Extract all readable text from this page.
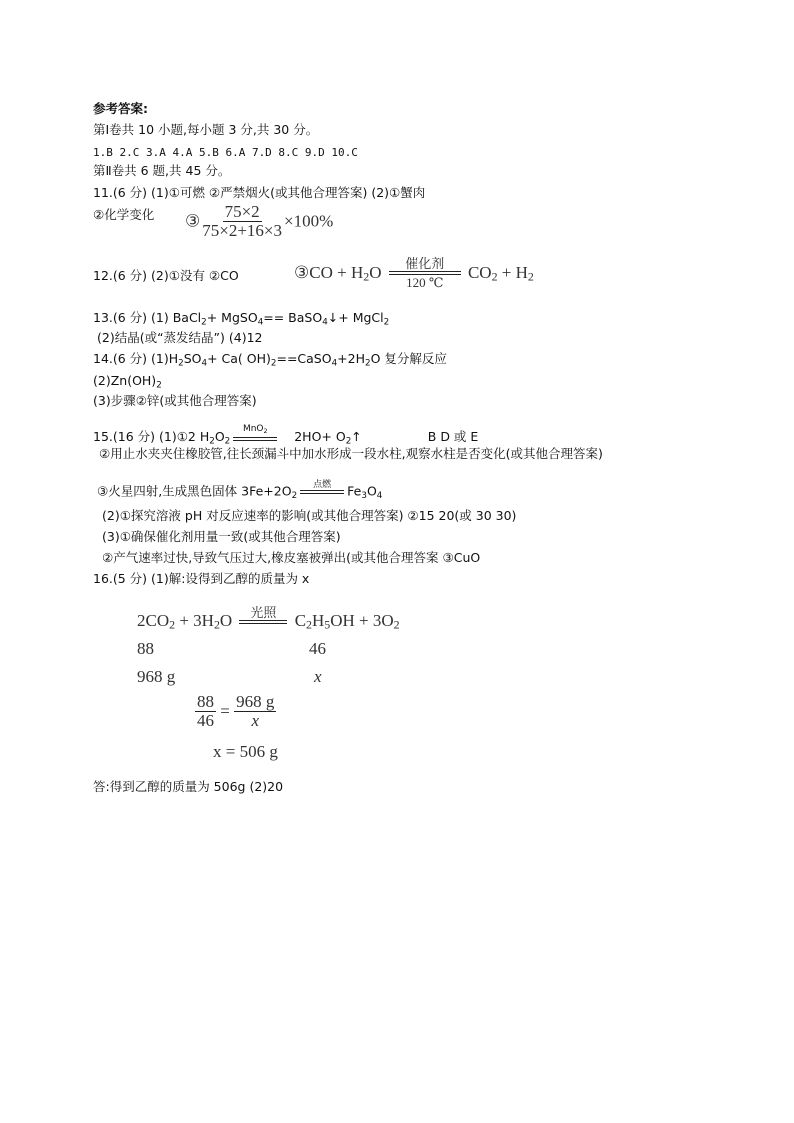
参考答案:
第Ⅰ卷共 10 小题,每小题 3 分,共 30 分。
1.B 2.C 3.A 4.A 5.B 6.A 7.D 8.C 9.D 10.C
第Ⅱ卷共 6 题,共 45 分。
11.(6 分) (1)①可燃 ②严禁烟火(或其他合理答案) (2)①蟹肉
②化学变化 ③ $\frac{75\times 2}{75\times 2+16\times 3} \times 100\%$
12.(6 分) (2)①没有 ②CO	③CO + $H_2O$ 催化剂
120 ℃
$CO_2 + H_2$
13.(6 分) (1) BaCl$_2$+ MgSO$_4$== BaSO$_4$↓+ MgCl$_2$
(2)结晶(或“蒸发结晶”) (4)12
14.(6 分) $(1)H_2SO_4+ Ca$( $OH)_2==CaSO_4+2H_2O$ 复分解反应
$(2)Zn(OH)_2$
(3)步骤②锌(或其他合理答案)
15.(16 分) (1)①2 $H_2O_2$
MnO$_2$
$2HO+ O_2↑$	B D 或 E
②用止水夹夹住橡胶管,往长颈漏斗中加水形成一段水柱,观察水柱是否变化(或其他合理答案)
③火星四射,生成黑色固体 $3Fe+2O_2$
点燃
$Fe_3O_4$
(2)①探究溶液 pH 对反应速率的影响(或其他合理答案) ②15 20(或 30 30)
(3)①确保催化剂用量一致(或其他合理答案)
②产气速率过快,导致气压过大,橡皮塞被弹出(或其他合理答案 ③CuO
16.(5 分) (1)解:设得到乙醇的质量为 x
$2CO_2 + 3H_2O$ 光照 $C_2H_5OH + 3O_2$
88	46
968 g	x
$\frac{88}{46} = \frac{968 g}{x}$
x = 506 g
答:得到乙醇的质量为 506g (2)20
